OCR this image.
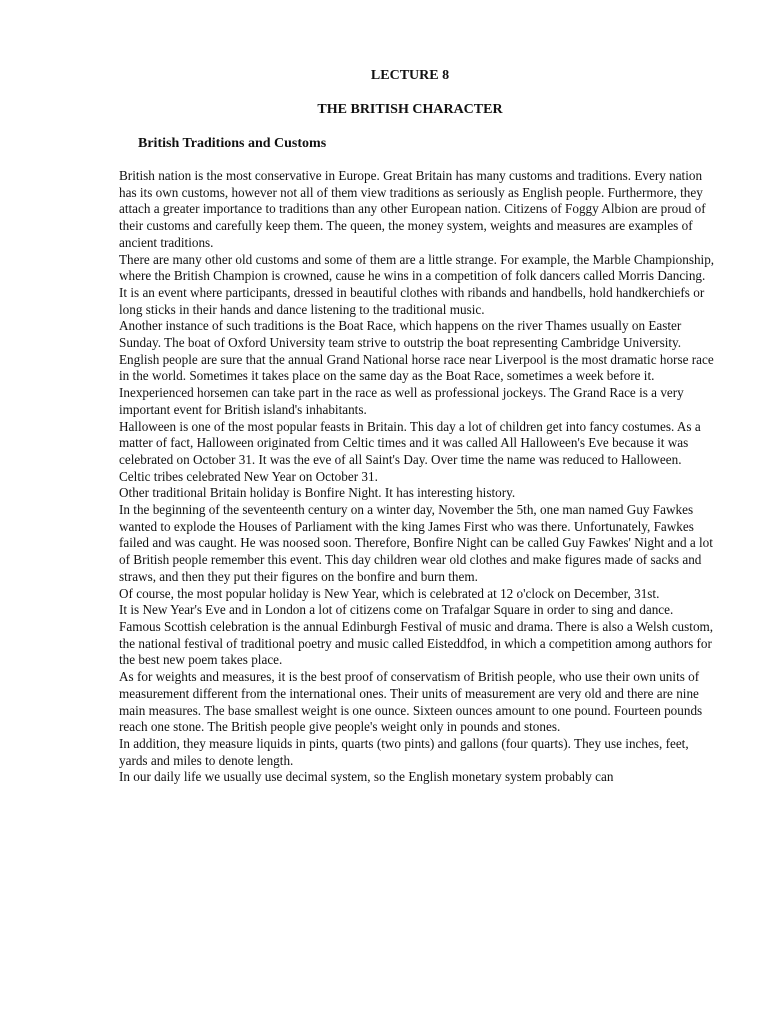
LECTURE 8
THE BRITISH CHARACTER
British Traditions and Customs

British nation is the most conservative in Europe. Great Britain has many customs and traditions. Every nation has its own customs, however not all of them view traditions as seriously as English people. Furthermore, they attach a greater importance to traditions than any other European nation. Citizens of Foggy Albion are proud of their customs and carefully keep them. The queen, the money system, weights and measures are examples of ancient traditions.

There are many other old customs and some of them are a little strange. For example, the Marble Championship, where the British Champion is crowned, cause he wins in a competition of folk dancers called Morris Dancing. It is an event where participants, dressed in beautiful clothes with ribands and handbells, hold handkerchiefs or long sticks in their hands and dance listening to the traditional music.

Another instance of such traditions is the Boat Race, which happens on the river Thames usually on Easter Sunday. The boat of Oxford University team strive to outstrip the boat representing Cambridge University.

English people are sure that the annual Grand National horse race near Liverpool is the most dramatic horse race in the world. Sometimes it takes place on the same day as the Boat Race, sometimes a week before it. Inexperienced horsemen can take part in the race as well as professional jockeys. The Grand Race is a very important event for British island's inhabitants.

Halloween is one of the most popular feasts in Britain. This day a lot of children get into fancy costumes. As a matter of fact, Halloween originated from Celtic times and it was called All Halloween's Eve because it was celebrated on October 31. It was the eve of all Saint's Day. Over time the name was reduced to Halloween. Celtic tribes celebrated New Year on October 31.

Other traditional Britain holiday is Bonfire Night. It has interesting history.

In the beginning of the seventeenth century on a winter day, November the 5th, one man named Guy Fawkes wanted to explode the Houses of Parliament with the king James First who was there. Unfortunately, Fawkes failed and was caught. He was noosed soon. Therefore, Bonfire Night can be called Guy Fawkes' Night and a lot of British people remember this event. This day children wear old clothes and make figures made of sacks and straws, and then they put their figures on the bonfire and burn them.

Of course, the most popular holiday is New Year, which is celebrated at 12 o'clock on December, 31st.

It is New Year's Eve and in London a lot of citizens come on Trafalgar Square in order to sing and dance.

Famous Scottish celebration is the annual Edinburgh Festival of music and drama. There is also a Welsh custom, the national festival of traditional poetry and music called Eisteddfod, in which a competition among authors for the best new poem takes place.

As for weights and measures, it is the best proof of conservatism of British people, who use their own units of measurement different from the international ones. Their units of measurement are very old and there are nine main measures. The base smallest weight is one ounce. Sixteen ounces amount to one pound. Fourteen pounds reach one stone. The British people give people's weight only in pounds and stones.

In addition, they measure liquids in pints, quarts (two pints) and gallons (four quarts). They use inches, feet, yards and miles to denote length.

In our daily life we usually use decimal system, so the English monetary system probably can
